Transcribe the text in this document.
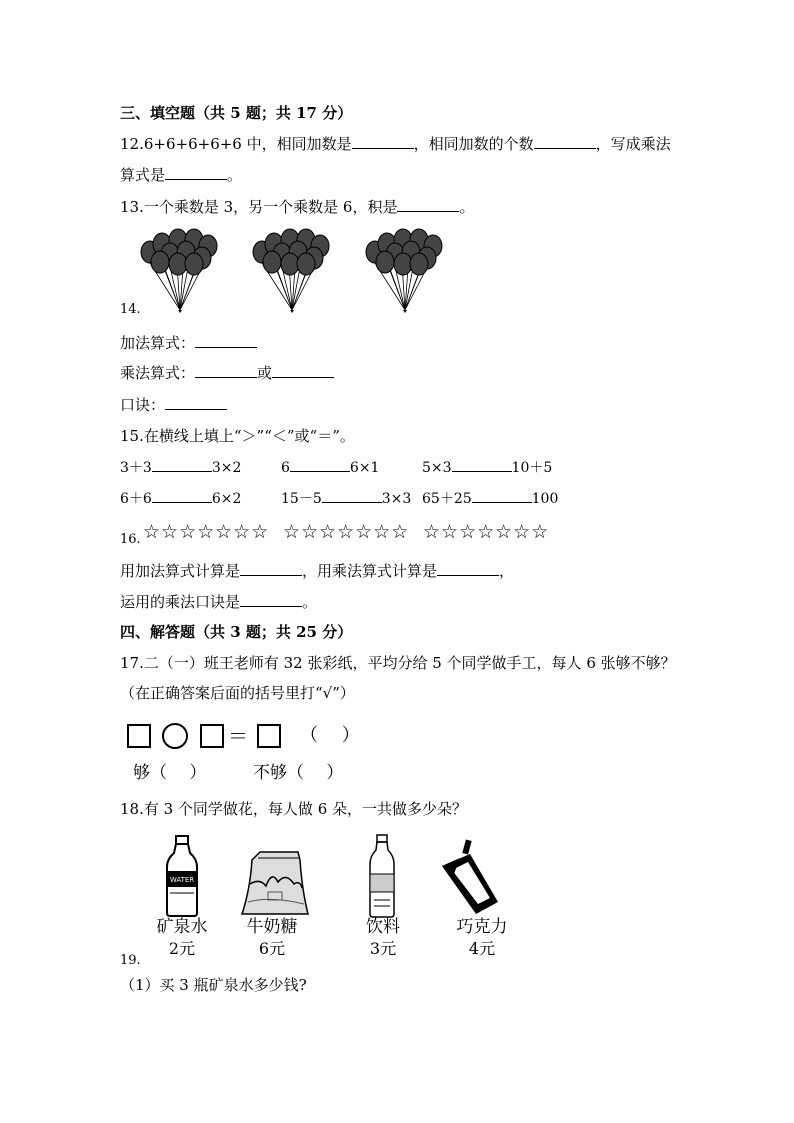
三、填空题（共 5 题；共 17 分）
12.6+6+6+6+6 中，相同加数是	，相同加数的个数	，写成乘法
算式是	。
13.一个乘数是 3，另一个乘数是 6，积是	。
14.
加法算式：
乘法算式：	或
口诀：
15.在横线上填上“＞”“＜”或“＝”。
3＋3	3×2	6	6×1	5×3	10＋5
6＋6	6×2	15－5	3×3 65＋25	100
16. ☆☆☆☆☆☆☆ ☆☆☆☆☆☆☆ ☆☆☆☆☆☆☆
用加法算式计算是	，用乘法算式计算是	，
运用的乘法口诀是	。
四、解答题（共 3 题；共 25 分）
17.二（一）班王老师有 32 张彩纸，平均分给 5 个同学做手工，每人 6 张够不够？
（在正确答案后面的括号里打“√”）
＝	（　 ）
够（　 ）	不够（　 ）
18.有 3 个同学做花，每人做 6 朵，一共做多少朵？
WATER
矿泉水
2元
牛奶糖
6元
饮料
3元
巧克力
4元
19.
（1）买 3 瓶矿泉水多少钱?
